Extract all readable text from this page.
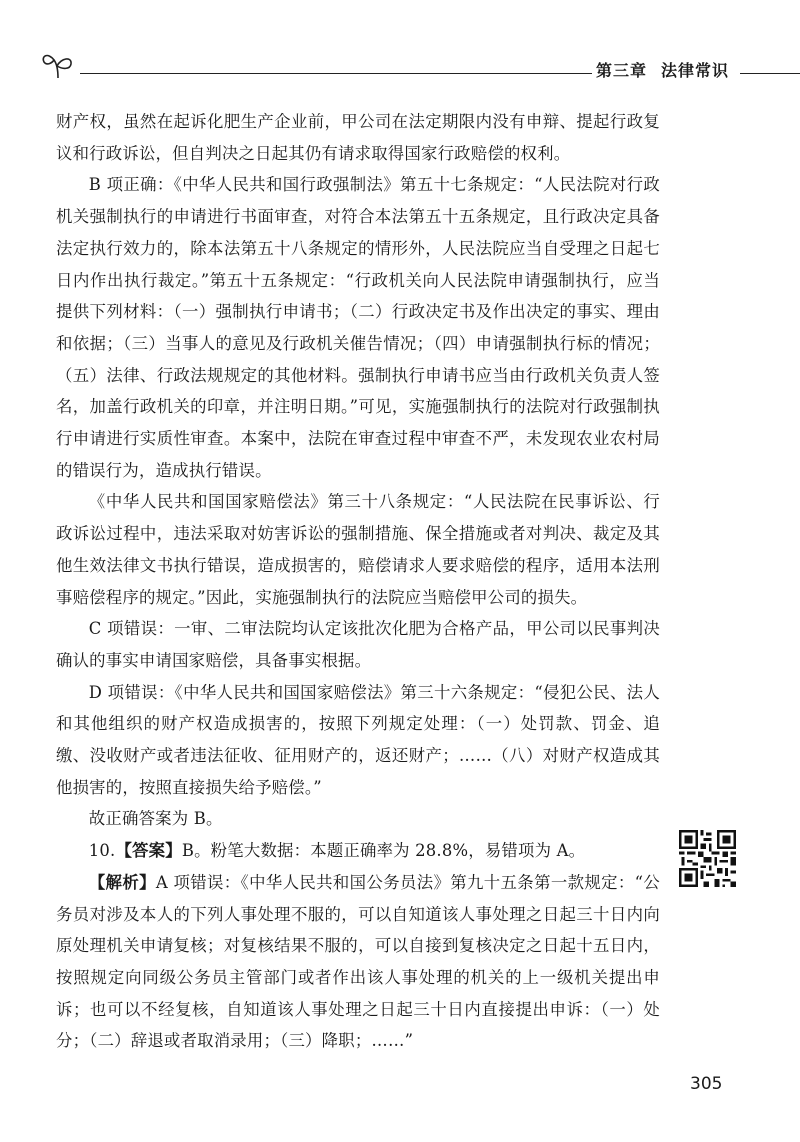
第三章 法律常识

财产权，虽然在起诉化肥生产企业前，甲公司在法定期限内没有申辩、提起行政复议和行政诉讼，但自判决之日起其仍有请求取得国家行政赔偿的权利。

B 项正确：《中华人民共和国行政强制法》第五十七条规定：“人民法院对行政机关强制执行的申请进行书面审查，对符合本法第五十五条规定，且行政决定具备法定执行效力的，除本法第五十八条规定的情形外，人民法院应当自受理之日起七日内作出执行裁定。”第五十五条规定：“行政机关向人民法院申请强制执行，应当提供下列材料：（一）强制执行申请书；（二）行政决定书及作出决定的事实、理由和依据；（三）当事人的意见及行政机关催告情况；（四）申请强制执行标的情况；（五）法律、行政法规规定的其他材料。强制执行申请书应当由行政机关负责人签名，加盖行政机关的印章，并注明日期。”可见，实施强制执行的法院对行政强制执行申请进行实质性审查。本案中，法院在审查过程中审查不严，未发现农业农村局的错误行为，造成执行错误。

《中华人民共和国国家赔偿法》第三十八条规定：“人民法院在民事诉讼、行政诉讼过程中，违法采取对妨害诉讼的强制措施、保全措施或者对判决、裁定及其他生效法律文书执行错误，造成损害的，赔偿请求人要求赔偿的程序，适用本法刑事赔偿程序的规定。”因此，实施强制执行的法院应当赔偿甲公司的损失。

C 项错误：一审、二审法院均认定该批次化肥为合格产品，甲公司以民事判决确认的事实申请国家赔偿，具备事实根据。

D 项错误：《中华人民共和国国家赔偿法》第三十六条规定：“侵犯公民、法人和其他组织的财产权造成损害的，按照下列规定处理：（一）处罚款、罚金、追缴、没收财产或者违法征收、征用财产的，返还财产；……（八）对财产权造成其他损害的，按照直接损失给予赔偿。”

故正确答案为 B。

10.【答案】B。粉笔大数据：本题正确率为 28.8%，易错项为 A。

【解析】A 项错误：《中华人民共和国公务员法》第九十五条第一款规定：“公务员对涉及本人的下列人事处理不服的，可以自知道该人事处理之日起三十日内向原处理机关申请复核；对复核结果不服的，可以自接到复核决定之日起十五日内，按照规定向同级公务员主管部门或者作出该人事处理的机关的上一级机关提出申诉；也可以不经复核，自知道该人事处理之日起三十日内直接提出申诉：（一）处分；（二）辞退或者取消录用；（三）降职；……”

305
